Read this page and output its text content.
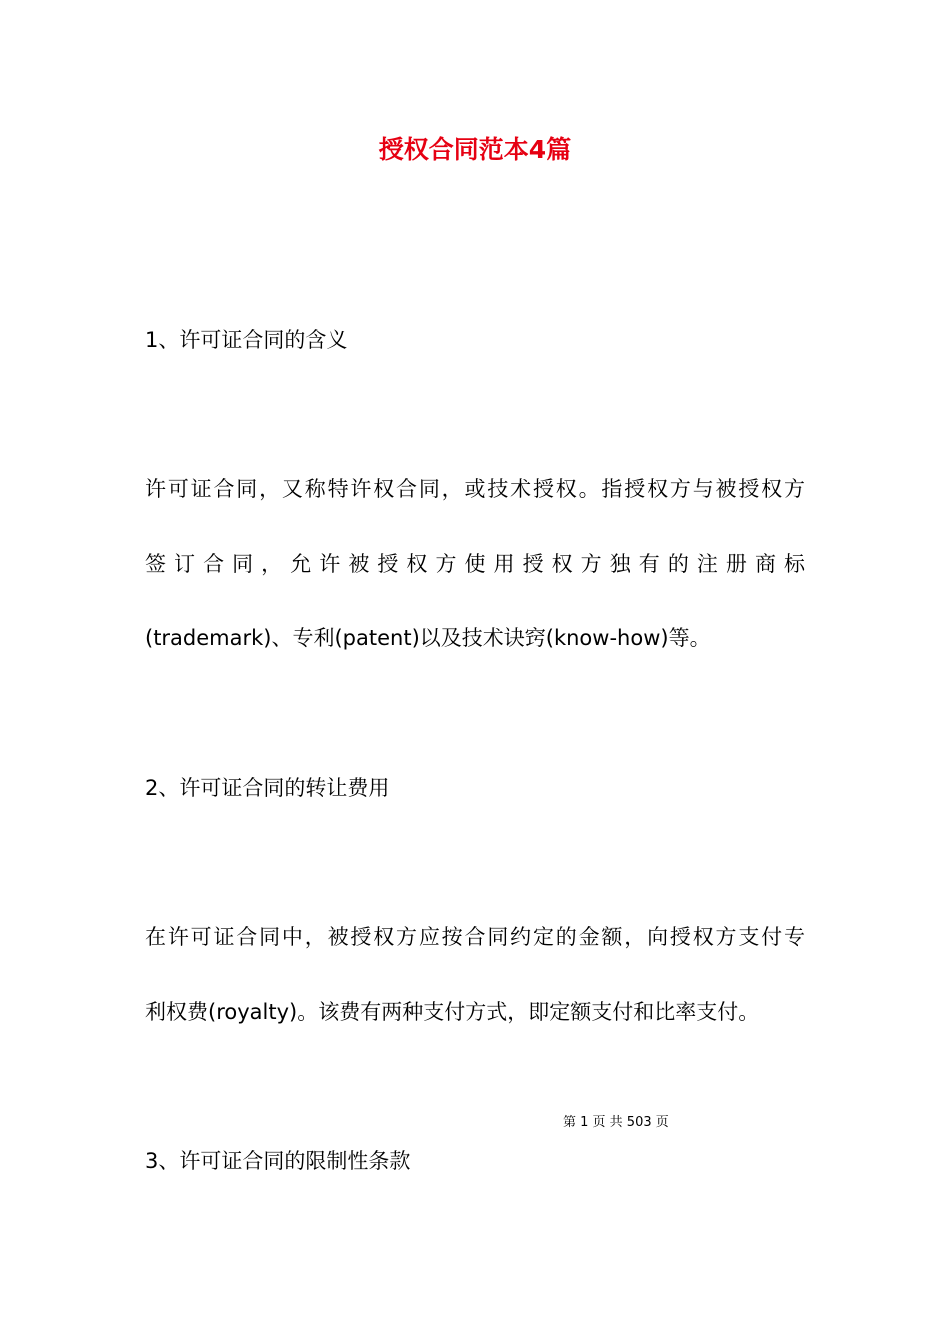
授权合同范本4篇
1、许可证合同的含义
许可证合同，又称特许权合同，或技术授权。指授权方与被授权方
签订合同，允许被授权方使用授权方独有的注册商标
(trademark)、专利(patent)以及技术诀窍(know-how)等。
2、许可证合同的转让费用
在许可证合同中，被授权方应按合同约定的金额，向授权方支付专
利权费(royalty)。该费有两种支付方式，即定额支付和比率支付。
第 1 页 共 503 页
3、许可证合同的限制性条款
